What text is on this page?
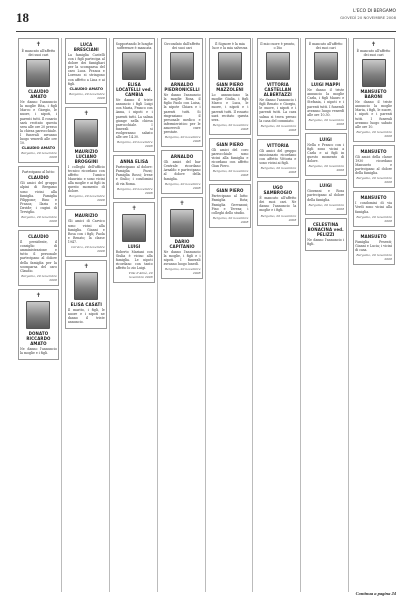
18	L'ECO DI BERGAMO
GIOVEDÌ 20 NOVEMBRE 2008
✝
È mancato all'affetto dei suoi cari
CLAUDIO AMATO
Ne danno l'annuncio la moglie Rita, i figli Marco e Giorgio, le nuore, i nipoti, i parenti tutti. Il rosario sarà recitato questa sera alle ore 20 presso la chiesa parrocchiale. I funerali avranno luogo venerdì alle ore 10.
CLAUDIO AMATO
Bergamo, 20 novembre 2008
Partecipano al lutto:
CLAUDIO
Gli amici del gruppo alpini di Bergamo sono vicini alla famiglia. Famiglia Filippone; Rino e Franca; Ilaria e Davide; i cugini di Treviglio.
Bergamo, 20 novembre 2008
CLAUDIO
Il presidente, il consiglio di amministrazione e tutto il personale partecipano al dolore della famiglia per la scomparsa del caro Claudio.
Bergamo, 20 novembre 2008
✝
DONATO RICCARDO AMATO
Ne danno l'annuncio la moglie e i figli.
LUCA BRESCIANI
La famiglia Castelli con i figli partecipa al dolore dei famigliari per la scomparsa del caro Luca. Franca e Lorenzo si stringono con affetto a Lina e ai figli.
CLAUDIO AMATO
Bergamo, 20 novembre 2008
✝
MAURIZIO LUCIANO BROGGINI
I colleghi dell'ufficio tecnico ricordano con affetto l'amico Maurizio e sono vicini alla moglie e ai figli in questo momento di dolore.
Bergamo, 20 novembre 2008
MAURIZIO
Gli amici di Carvico sono vicini alla famiglia. Gianni e Rosa con i figli; Paola e Renato; la classe 1947.
Carvico, 20 novembre 2008
✝
ELISA CASATI
Il marito, i figli, le nuore e i nipoti ne danno il triste annuncio.
Sopportando le lunghe sofferenze è mancata
ELISA LOCATELLI ved. CAMBIA
Ne danno il triste annuncio i figli Luigi con Maria, Franco con Anna, i nipoti e i parenti tutti. La salma giunge nella chiesa parrocchiale. I funerali si svolgeranno sabato alle ore 14.30.
Bergamo, 20 novembre 2008
ANNA ELISA
Partecipano al dolore: Famiglia Pozzi; Famiglia Rossi; Irene e Giulio; i condomini di via Roma.
Bergamo, 20 novembre 2008
✝
LUIGI
Roberto Mariani con Giulia è vicino alla famiglia. Le nipoti ricordano con tanto affetto lo zio Luigi.
Villa d'Almè, 20 novembre 2008
Circondato dall'affetto dei suoi cari
ARNALDO PIEDRONICELLI
Ne danno l'annuncio la moglie Rosa, il figlio Paolo con Luisa, la nipote Chiara e i parenti tutti. Si ringraziano il personale medico e infermieristico per le amorevoli cure prestate.
Bergamo, 20 novembre 2008
ARNALDO
Gli amici del bar Centrale ricordano Arnaldo e partecipano al dolore della famiglia.
Bergamo, 20 novembre 2008
✝
DARIO CAPITANIO
Ne danno l'annuncio la moglie, i figli e i nipoti. I funerali avranno luogo lunedì.
Bergamo, 20 novembre 2008
Il Signore è la mia luce e la mia salvezza
GIAN PIERO MAZZOLENI
Lo annunciano la moglie Giulia, i figli Marco e Luca, le nuore, i nipoti e i parenti tutti. Il rosario sarà recitato questa sera.
Bergamo, 20 novembre 2008
GIAN PIERO
Gli amici del coro parrocchiale sono vicini alla famiglia e ricordano con affetto Gian Piero.
Bergamo, 20 novembre 2008
GIAN PIERO
Partecipano al lutto: Famiglia Rota; Famiglia Gervasoni; Pino e Teresa; i colleghi dello studio.
Bergamo, 20 novembre 2008
Il mio cuore è pronto, o Dio
VITTORIA CASTELLAN ALBERTAZZI
Ne danno l'annuncio i figli Renato e Giorgio, le nuore, i nipoti e i parenti tutti. La cara salma si trova presso la casa del commiato.
Bergamo, 20 novembre 2008
VITTORIA
Gli amici del gruppo missionario ricordano con affetto Vittoria e sono vicini ai figli.
Bergamo, 20 novembre 2008
UGO SAMBROGIO
È mancato all'affetto dei suoi cari. Ne danno l'annuncio la moglie e i figli.
Bergamo, 20 novembre 2008
È mancato all'affetto dei suoi cari
LUIGI MAPPI
Ne danno il triste annuncio la moglie Carla, i figli Mauro e Stefania, i nipoti e i parenti tutti. I funerali avranno luogo venerdì alle ore 10.30.
Bergamo, 20 novembre 2008
LUIGI
Nella e Franco con i figli sono vicini a Carla e ai figli in questo momento di dolore.
Bergamo, 20 novembre 2008
LUIGI
Giovanni e Rosa partecipano al dolore della famiglia.
Bergamo, 20 novembre 2008
CELESTINA BONACINA ved. PELIZZI
Ne danno l'annuncio i figli.
✝
È mancato all'affetto dei suoi cari
MANSUETO BARONI
Ne danno il triste annuncio la moglie Maria, i figli, le nuore, i nipoti e i parenti tutti. I funerali avranno luogo sabato alle ore 10.
Bergamo, 20 novembre 2008
MANSUETO
Gli amici della classe 1930 ricordano Mansueto e partecipano al dolore della famiglia.
Bergamo, 20 novembre 2008
MANSUETO
I condomini di via Verdi sono vicini alla famiglia.
Bergamo, 20 novembre 2008
MANSUETO
Famiglia Pesenti; Gianni e Lucia; i vicini di casa.
Bergamo, 20 novembre 2008
Continua a pagina 24
